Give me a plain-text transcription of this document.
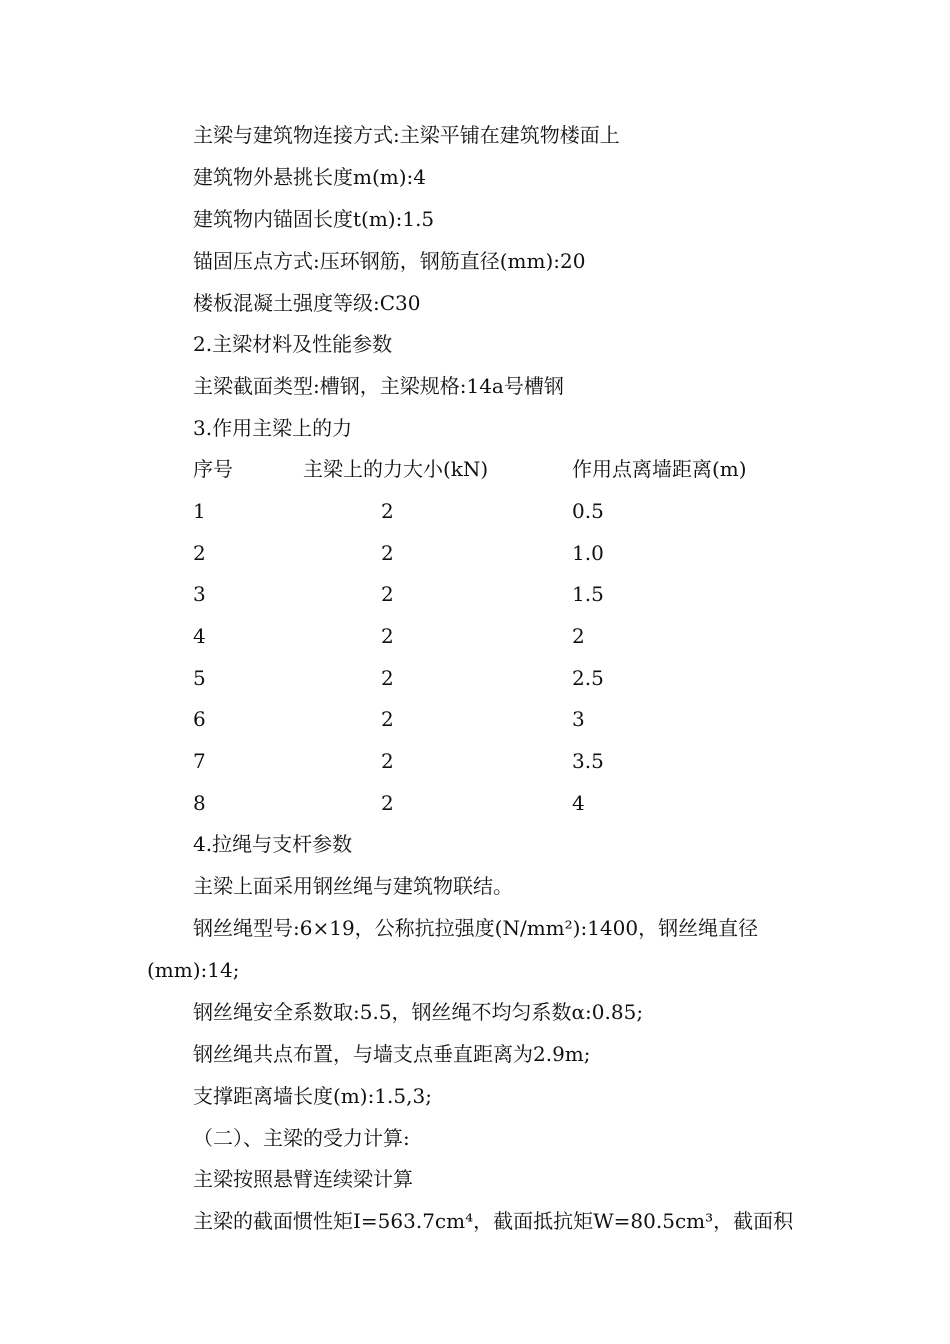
主梁与建筑物连接方式:主梁平铺在建筑物楼面上
建筑物外悬挑长度m(m):4
建筑物内锚固长度t(m):1.5
锚固压点方式:压环钢筋，钢筋直径(mm):20
楼板混凝土强度等级:C30
2.主梁材料及性能参数
主梁截面类型:槽钢，主梁规格:14a号槽钢
3.作用主梁上的力
序号	主梁上的力大小(kN)	作用点离墙距离(m)
1	2	0.5
2	2	1.0
3	2	1.5
4	2	2
5	2	2.5
6	2	3
7	2	3.5
8	2	4
4.拉绳与支杆参数
主梁上面采用钢丝绳与建筑物联结。
钢丝绳型号:6×19，公称抗拉强度(N/mm²):1400，钢丝绳直径
(mm):14;
钢丝绳安全系数取:5.5，钢丝绳不均匀系数α:0.85;
钢丝绳共点布置，与墙支点垂直距离为2.9m;
支撑距离墙长度(m):1.5,3;
（二）、主梁的受力计算:
主梁按照悬臂连续梁计算
主梁的截面惯性矩I=563.7cm⁴，截面抵抗矩W=80.5cm³，截面积
